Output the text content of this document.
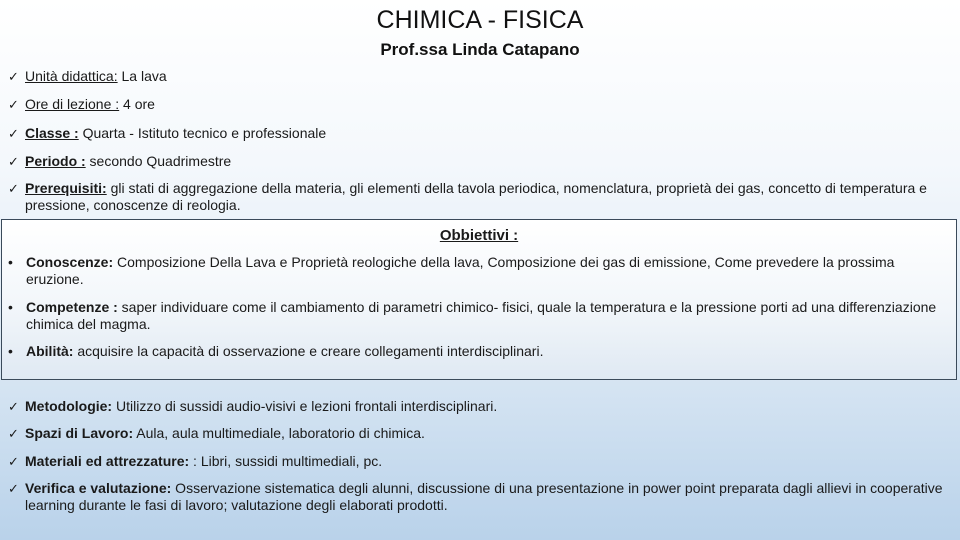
CHIMICA - FISICA
Prof.ssa Linda Catapano
✓ Unità didattica: La lava
✓ Ore di lezione : 4 ore
✓ Classe : Quarta - Istituto tecnico e professionale
✓ Periodo : secondo Quadrimestre
✓ Prerequisiti: gli stati di aggregazione della materia, gli elementi della tavola periodica, nomenclatura, proprietà dei gas, concetto di temperatura e pressione, conoscenze di reologia.
Obbiettivi :
• Conoscenze: Composizione Della Lava e Proprietà reologiche della lava, Composizione dei gas di emissione, Come prevedere la prossima eruzione.
• Competenze : saper individuare come il cambiamento di parametri chimico- fisici, quale la temperatura e la pressione porti ad una differenziazione chimica del magma.
• Abilità: acquisire la capacità di osservazione e creare collegamenti interdisciplinari.
✓ Metodologie: Utilizzo di sussidi audio-visivi e lezioni frontali interdisciplinari.
✓ Spazi di Lavoro: Aula, aula multimediale, laboratorio di chimica.
✓ Materiali ed attrezzature: : Libri, sussidi multimediali, pc.
✓ Verifica e valutazione: Osservazione sistematica degli alunni, discussione di una presentazione in power point preparata dagli allievi in cooperative learning durante le fasi di lavoro; valutazione degli elaborati prodotti.
